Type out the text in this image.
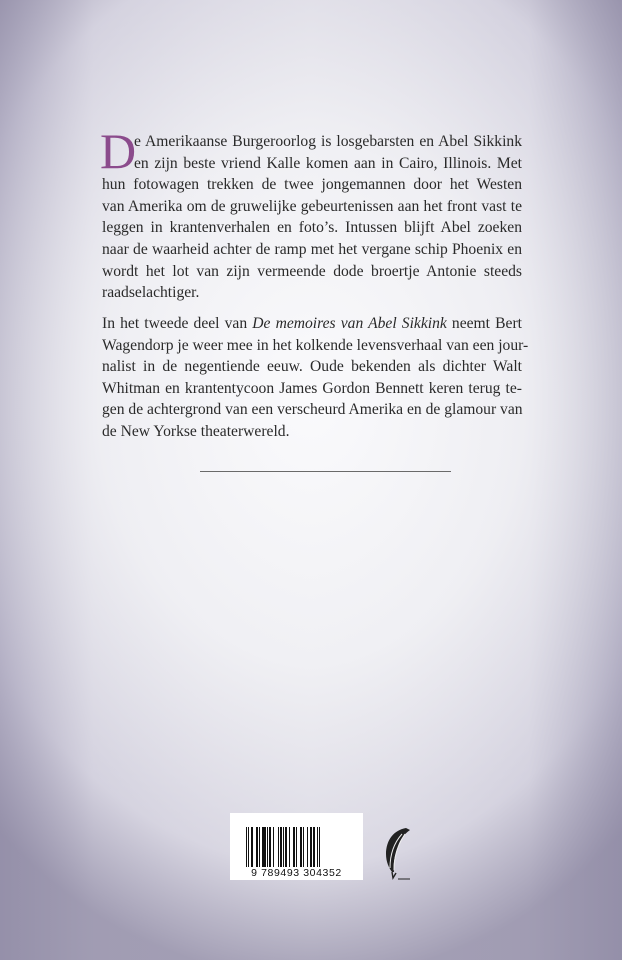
D
e Amerikaanse Burgeroorlog is losgebarsten en Abel Sikkink
en zijn beste vriend Kalle komen aan in Cairo, Illinois. Met
hun fotowagen trekken de twee jongemannen door het Westen
van Amerika om de gruwelijke gebeurtenissen aan het front vast te
leggen in krantenverhalen en foto’s. Intussen blijft Abel zoeken
naar de waarheid achter de ramp met het vergane schip Phoenix en
wordt het lot van zijn vermeende dode broertje Antonie steeds
raadselachtiger.
In het tweede deel van De memoires van Abel Sikkink neemt Bert
Wagendorp je weer mee in het kolkende levensverhaal van een jour-
nalist in de negentiende eeuw. Oude bekenden als dichter Walt
Whitman en krantentycoon James Gordon Bennett keren terug te-
gen de achtergrond van een verscheurd Amerika en de glamour van
de New Yorkse theaterwereld.
9 789493 304352
